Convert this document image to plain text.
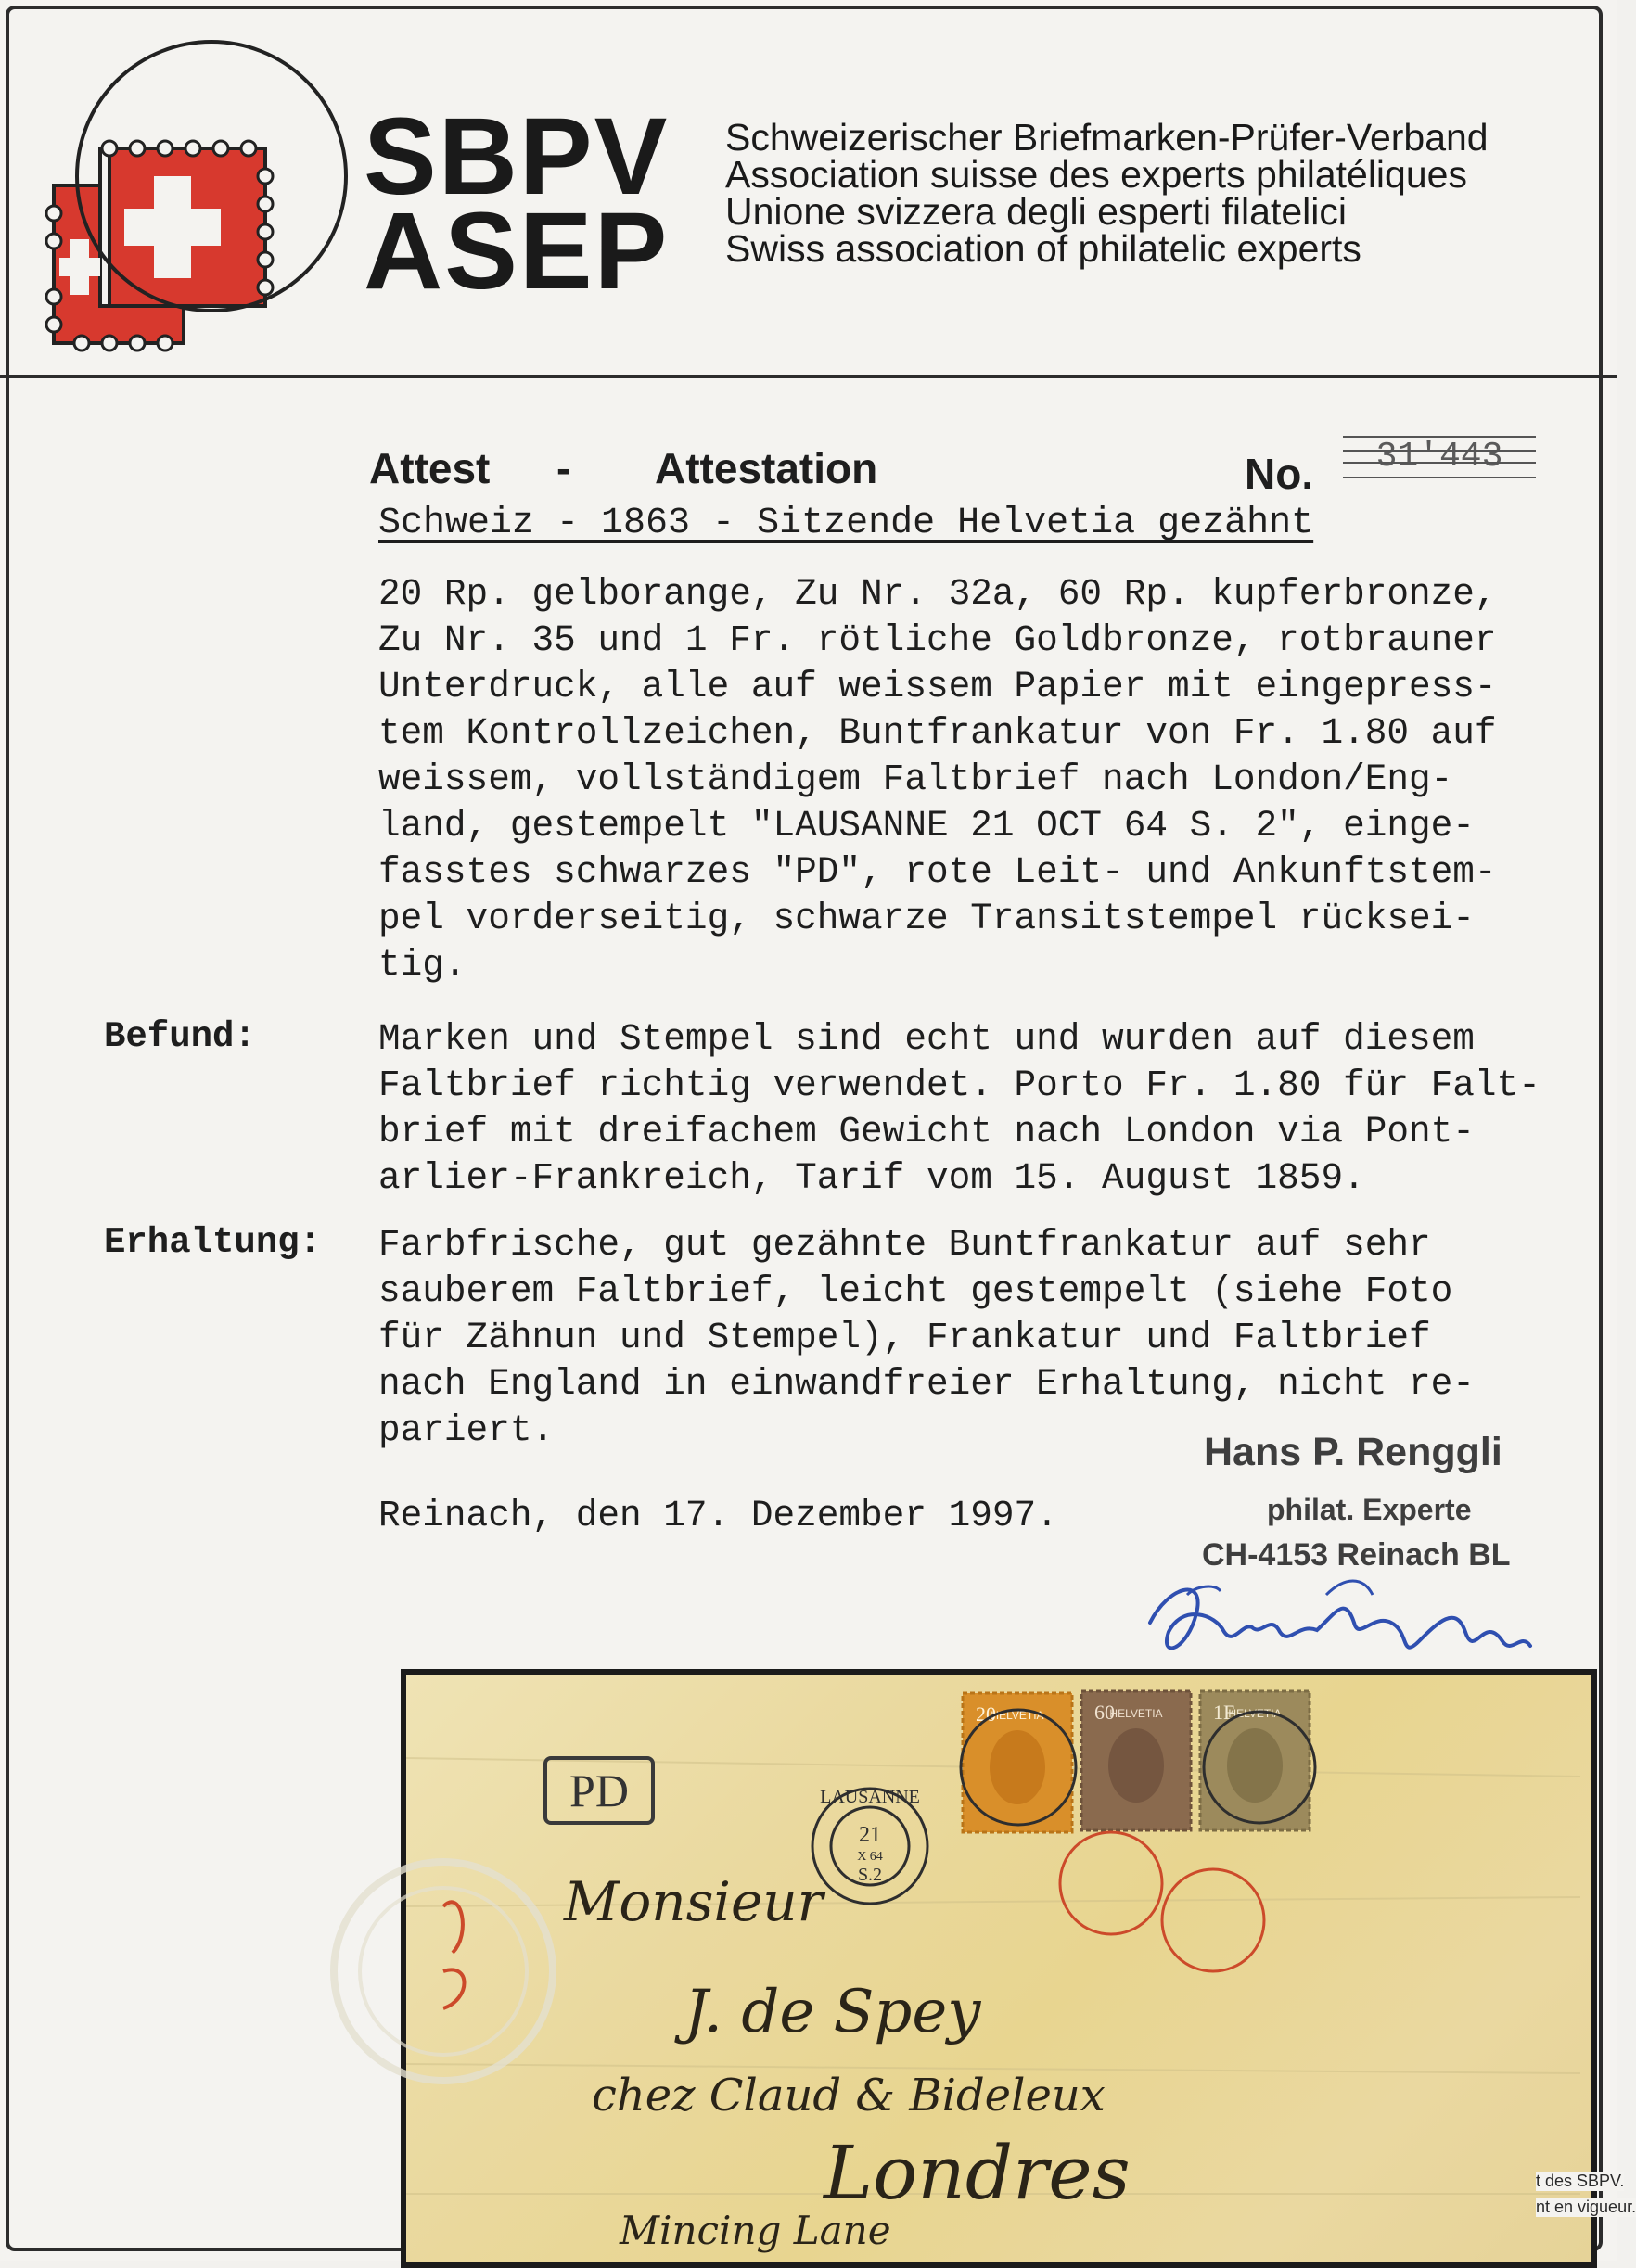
SBPV
ASEP
Schweizerischer Briefmarken-Prüfer-Verband
Association suisse des experts philatéliques
Unione svizzera degli esperti filatelici
Swiss association of philatelic experts
Attest - Attestation	No.	31'443
Schweiz - 1863 - Sitzende Helvetia gezähnt
20 Rp. gelborange, Zu Nr. 32a, 60 Rp. kupferbronze,
Zu Nr. 35 und 1 Fr. rötliche Goldbronze, rotbrauner
Unterdruck, alle auf weissem Papier mit eingepress-
tem Kontrollzeichen, Buntfrankatur von Fr. 1.80 auf
weissem, vollständigem Faltbrief nach London/Eng-
land, gestempelt "LAUSANNE 21 OCT 64 S. 2", einge-
fasstes schwarzes "PD", rote Leit- und Ankunftstem-
pel vorderseitig, schwarze Transitstempel rücksei-
tig.
Befund:	Marken und Stempel sind echt und wurden auf diesem
Faltbrief richtig verwendet. Porto Fr. 1.80 für Falt-
brief mit dreifachem Gewicht nach London via Pont-
arlier-Frankreich, Tarif vom 15. August 1859.
Erhaltung: Farbfrische, gut gezähnte Buntfrankatur auf sehr
sauberem Faltbrief, leicht gestempelt (siehe Foto
für Zähnun und Stempel), Frankatur und Faltbrief
nach England in einwandfreier Erhaltung, nicht re-
pariert.
Reinach, den 17. Dezember 1997.
Hans P. Renggli
philat. Experte
CH-4153 Reinach BL
PD
20
HELVETIA 60
HELVETIA 1F
HELVETIA
LAUSANNE
21
X 64
S.2
Monsieur
J. de Spey
chez Claud & Bideleux
Londres
Mincing Lane
t des SBPV.
nt en vigueur.
